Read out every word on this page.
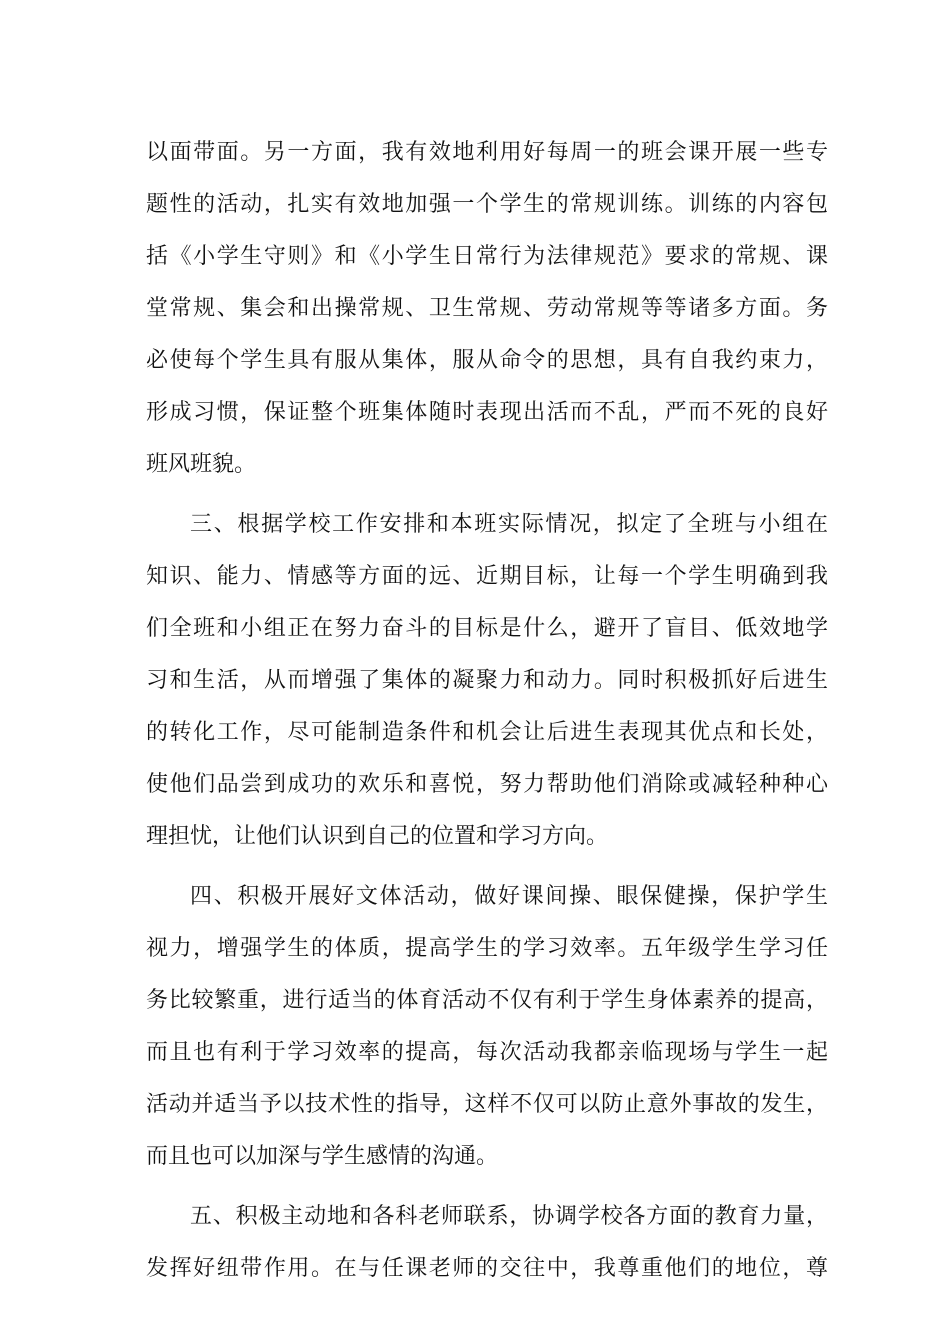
以面带面。另一方面，我有效地利用好每周一的班会课开展一些专
题性的活动，扎实有效地加强一个学生的常规训练。训练的内容包
括《小学生守则》和《小学生日常行为法律规范》要求的常规、课
堂常规、集会和出操常规、卫生常规、劳动常规等等诸多方面。务
必使每个学生具有服从集体，服从命令的思想，具有自我约束力，
形成习惯，保证整个班集体随时表现出活而不乱，严而不死的良好
班风班貌。
三、根据学校工作安排和本班实际情况，拟定了全班与小组在
知识、能力、情感等方面的远、近期目标，让每一个学生明确到我
们全班和小组正在努力奋斗的目标是什么，避开了盲目、低效地学
习和生活，从而增强了集体的凝聚力和动力。同时积极抓好后进生
的转化工作，尽可能制造条件和机会让后进生表现其优点和长处，
使他们品尝到成功的欢乐和喜悦，努力帮助他们消除或减轻种种心
理担忧，让他们认识到自己的位置和学习方向。
四、积极开展好文体活动，做好课间操、眼保健操，保护学生
视力，增强学生的体质，提高学生的学习效率。五年级学生学习任
务比较繁重，进行适当的体育活动不仅有利于学生身体素养的提高，
而且也有利于学习效率的提高，每次活动我都亲临现场与学生一起
活动并适当予以技术性的指导，这样不仅可以防止意外事故的发生，
而且也可以加深与学生感情的沟通。
五、积极主动地和各科老师联系，协调学校各方面的教育力量，
发挥好纽带作用。在与任课老师的交往中，我尊重他们的地位，尊
